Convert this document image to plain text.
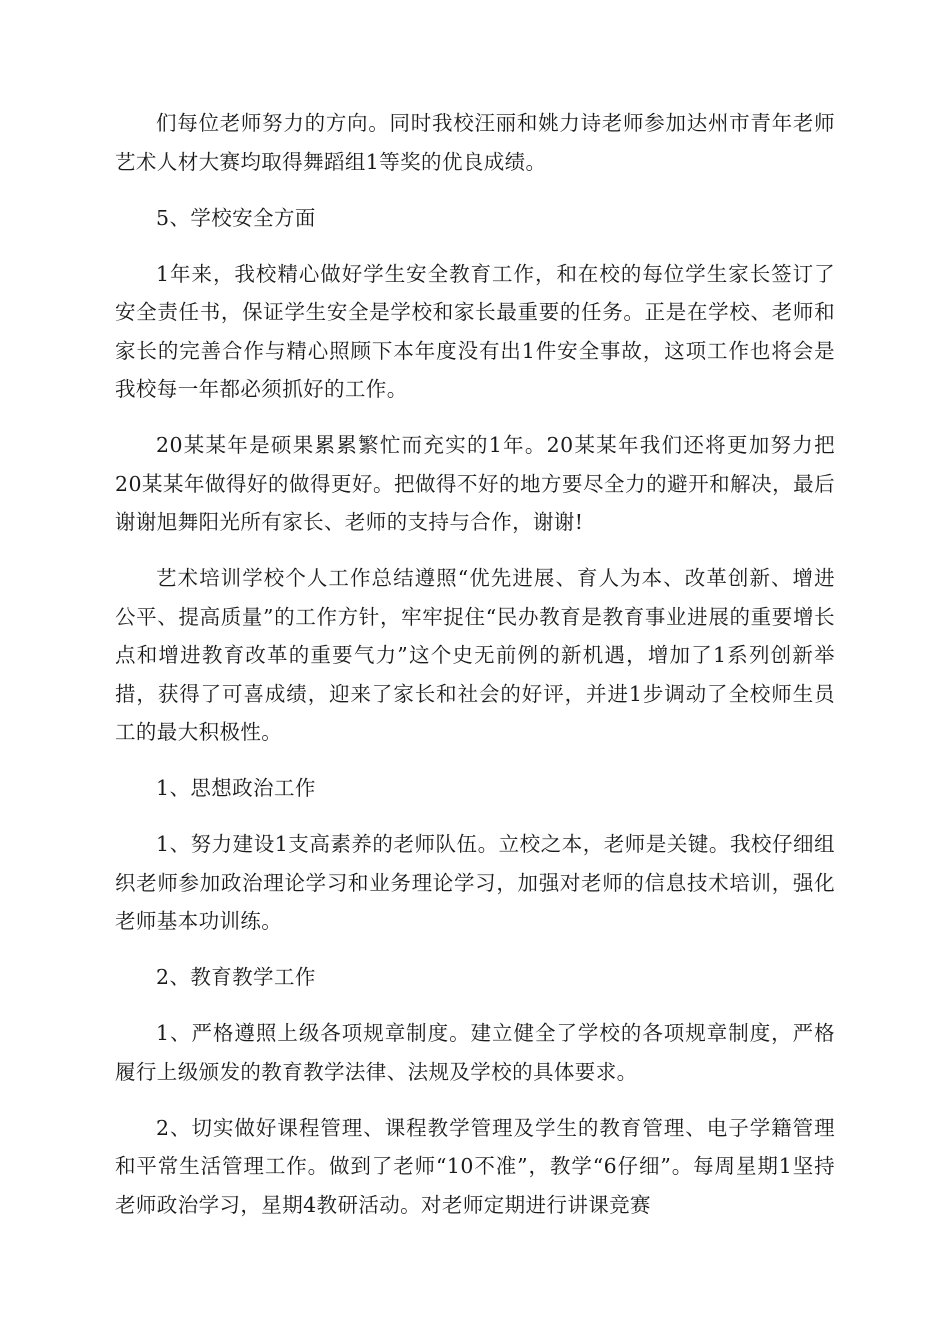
们每位老师努力的方向。同时我校汪丽和姚力诗老师参加达州市青年老师艺术人材大赛均取得舞蹈组1等奖的优良成绩。

5、学校安全方面

1年来，我校精心做好学生安全教育工作，和在校的每位学生家长签订了安全责任书，保证学生安全是学校和家长最重要的任务。正是在学校、老师和家长的完善合作与精心照顾下本年度没有出1件安全事故，这项工作也将会是我校每一年都必须抓好的工作。

20某某年是硕果累累繁忙而充实的1年。20某某年我们还将更加努力把20某某年做得好的做得更好。把做得不好的地方要尽全力的避开和解决，最后谢谢旭舞阳光所有家长、老师的支持与合作，谢谢!

艺术培训学校个人工作总结遵照“优先进展、育人为本、改革创新、增进公平、提高质量”的工作方针，牢牢捉住“民办教育是教育事业进展的重要增长点和增进教育改革的重要气力”这个史无前例的新机遇，增加了1系列创新举措，获得了可喜成绩，迎来了家长和社会的好评，并进1步调动了全校师生员工的最大积极性。

1、思想政治工作

1、努力建设1支高素养的老师队伍。立校之本，老师是关键。我校仔细组织老师参加政治理论学习和业务理论学习，加强对老师的信息技术培训，强化老师基本功训练。

2、教育教学工作

1、严格遵照上级各项规章制度。建立健全了学校的各项规章制度，严格履行上级颁发的教育教学法律、法规及学校的具体要求。

2、切实做好课程管理、课程教学管理及学生的教育管理、电子学籍管理和平常生活管理工作。做到了老师“10不准”，教学“6仔细”。每周星期1坚持老师政治学习，星期4教研活动。对老师定期进行讲课竞赛
